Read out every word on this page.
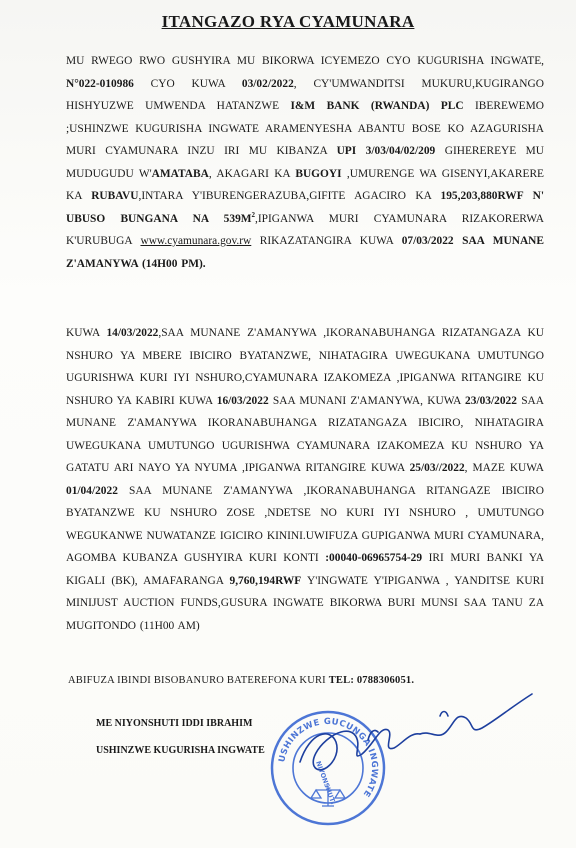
ITANGAZO RYA CYAMUNARA
MU RWEGO RWO GUSHYIRA MU BIKORWA ICYEMEZO CYO KUGURISHA INGWATE, N°022-010986 CYO KUWA 03/02/2022, CY'UMWANDITSI MUKURU,KUGIRANGO HISHYUZWE UMWENDA HATANZWE I&M BANK (RWANDA) PLC IBEREWEMO ;USHINZWE KUGURISHA INGWATE ARAMENYESHA ABANTU BOSE KO AZAGURISHA MURI CYAMUNARA INZU IRI MU KIBANZA UPI 3/03/04/02/209 GIHEREREYE MU MUDUGUDU W'AMATABA, AKAGARI KA BUGOYI ,UMURENGE WA GISENYI,AKARERE KA RUBAVU,INTARA Y'IBURENGERAZUBA,GIFITE AGACIRO KA 195,203,880RWF N' UBUSO BUNGANA NA $539M^2,IPIGANWA$ MURI CYAMUNARA RIZAKORERWA K'URUBUGA www.cyamunara.gov.rw RIKAZATANGIRA KUWA 07/03/2022 SAA MUNANE Z'AMANYWA (14H00 PM).
KUWA 14/03/2022,SAA MUNANE Z'AMANYWA ,IKORANABUHANGA RIZATANGAZA KU NSHURO YA MBERE IBICIRO BYATANZWE, NIHATAGIRA UWEGUKANA UMUTUNGO UGURISHWA KURI IYI NSHURO,CYAMUNARA IZAKOMEZA ,IPIGANWA RITANGIRE KU NSHURO YA KABIRI KUWA 16/03/2022 SAA MUNANI Z'AMANYWA, KUWA 23/03/2022 SAA MUNANE Z'AMANYWA IKORANABUHANGA RIZATANGAZA IBICIRO, NIHATAGIRA UWEGUKANA UMUTUNGO UGURISHWA CYAMUNARA IZAKOMEZA KU NSHURO YA GATATU ARI NAYO YA NYUMA ,IPIGANWA RITANGIRE KUWA 25/03//2022, MAZE KUWA 01/04/2022 SAA MUNANE Z'AMANYWA ,IKORANABUHANGA RITANGAZE IBICIRO BYATANZWE KU NSHURO ZOSE ,NDETSE NO KURI IYI NSHURO , UMUTUNGO WEGUKANWE NUWATANZE IGICIRO KININI.UWIFUZA GUPIGANWA MURI CYAMUNARA, AGOMBA KUBANZA GUSHYIRA KURI KONTI :00040-06965754-29 IRI MURI BANKI YA KIGALI (BK), AMAFARANGA 9,760,194RWF Y'INGWATE Y'IPIGANWA , YANDITSE KURI MINIJUST AUCTION FUNDS,GUSURA INGWATE BIKORWA BURI MUNSI SAA TANU ZA MUGITONDO (11H00 AM)
ABIFUZA IBINDI BISOBANURO BATEREFONA KURI TEL: 0788306051.
ME NIYONSHUTI IDDI IBRAHIM
USHINZWE KUGURISHA INGWATE
USHINZWE GUCUNGA INGWATE
NIYONSHUTI
